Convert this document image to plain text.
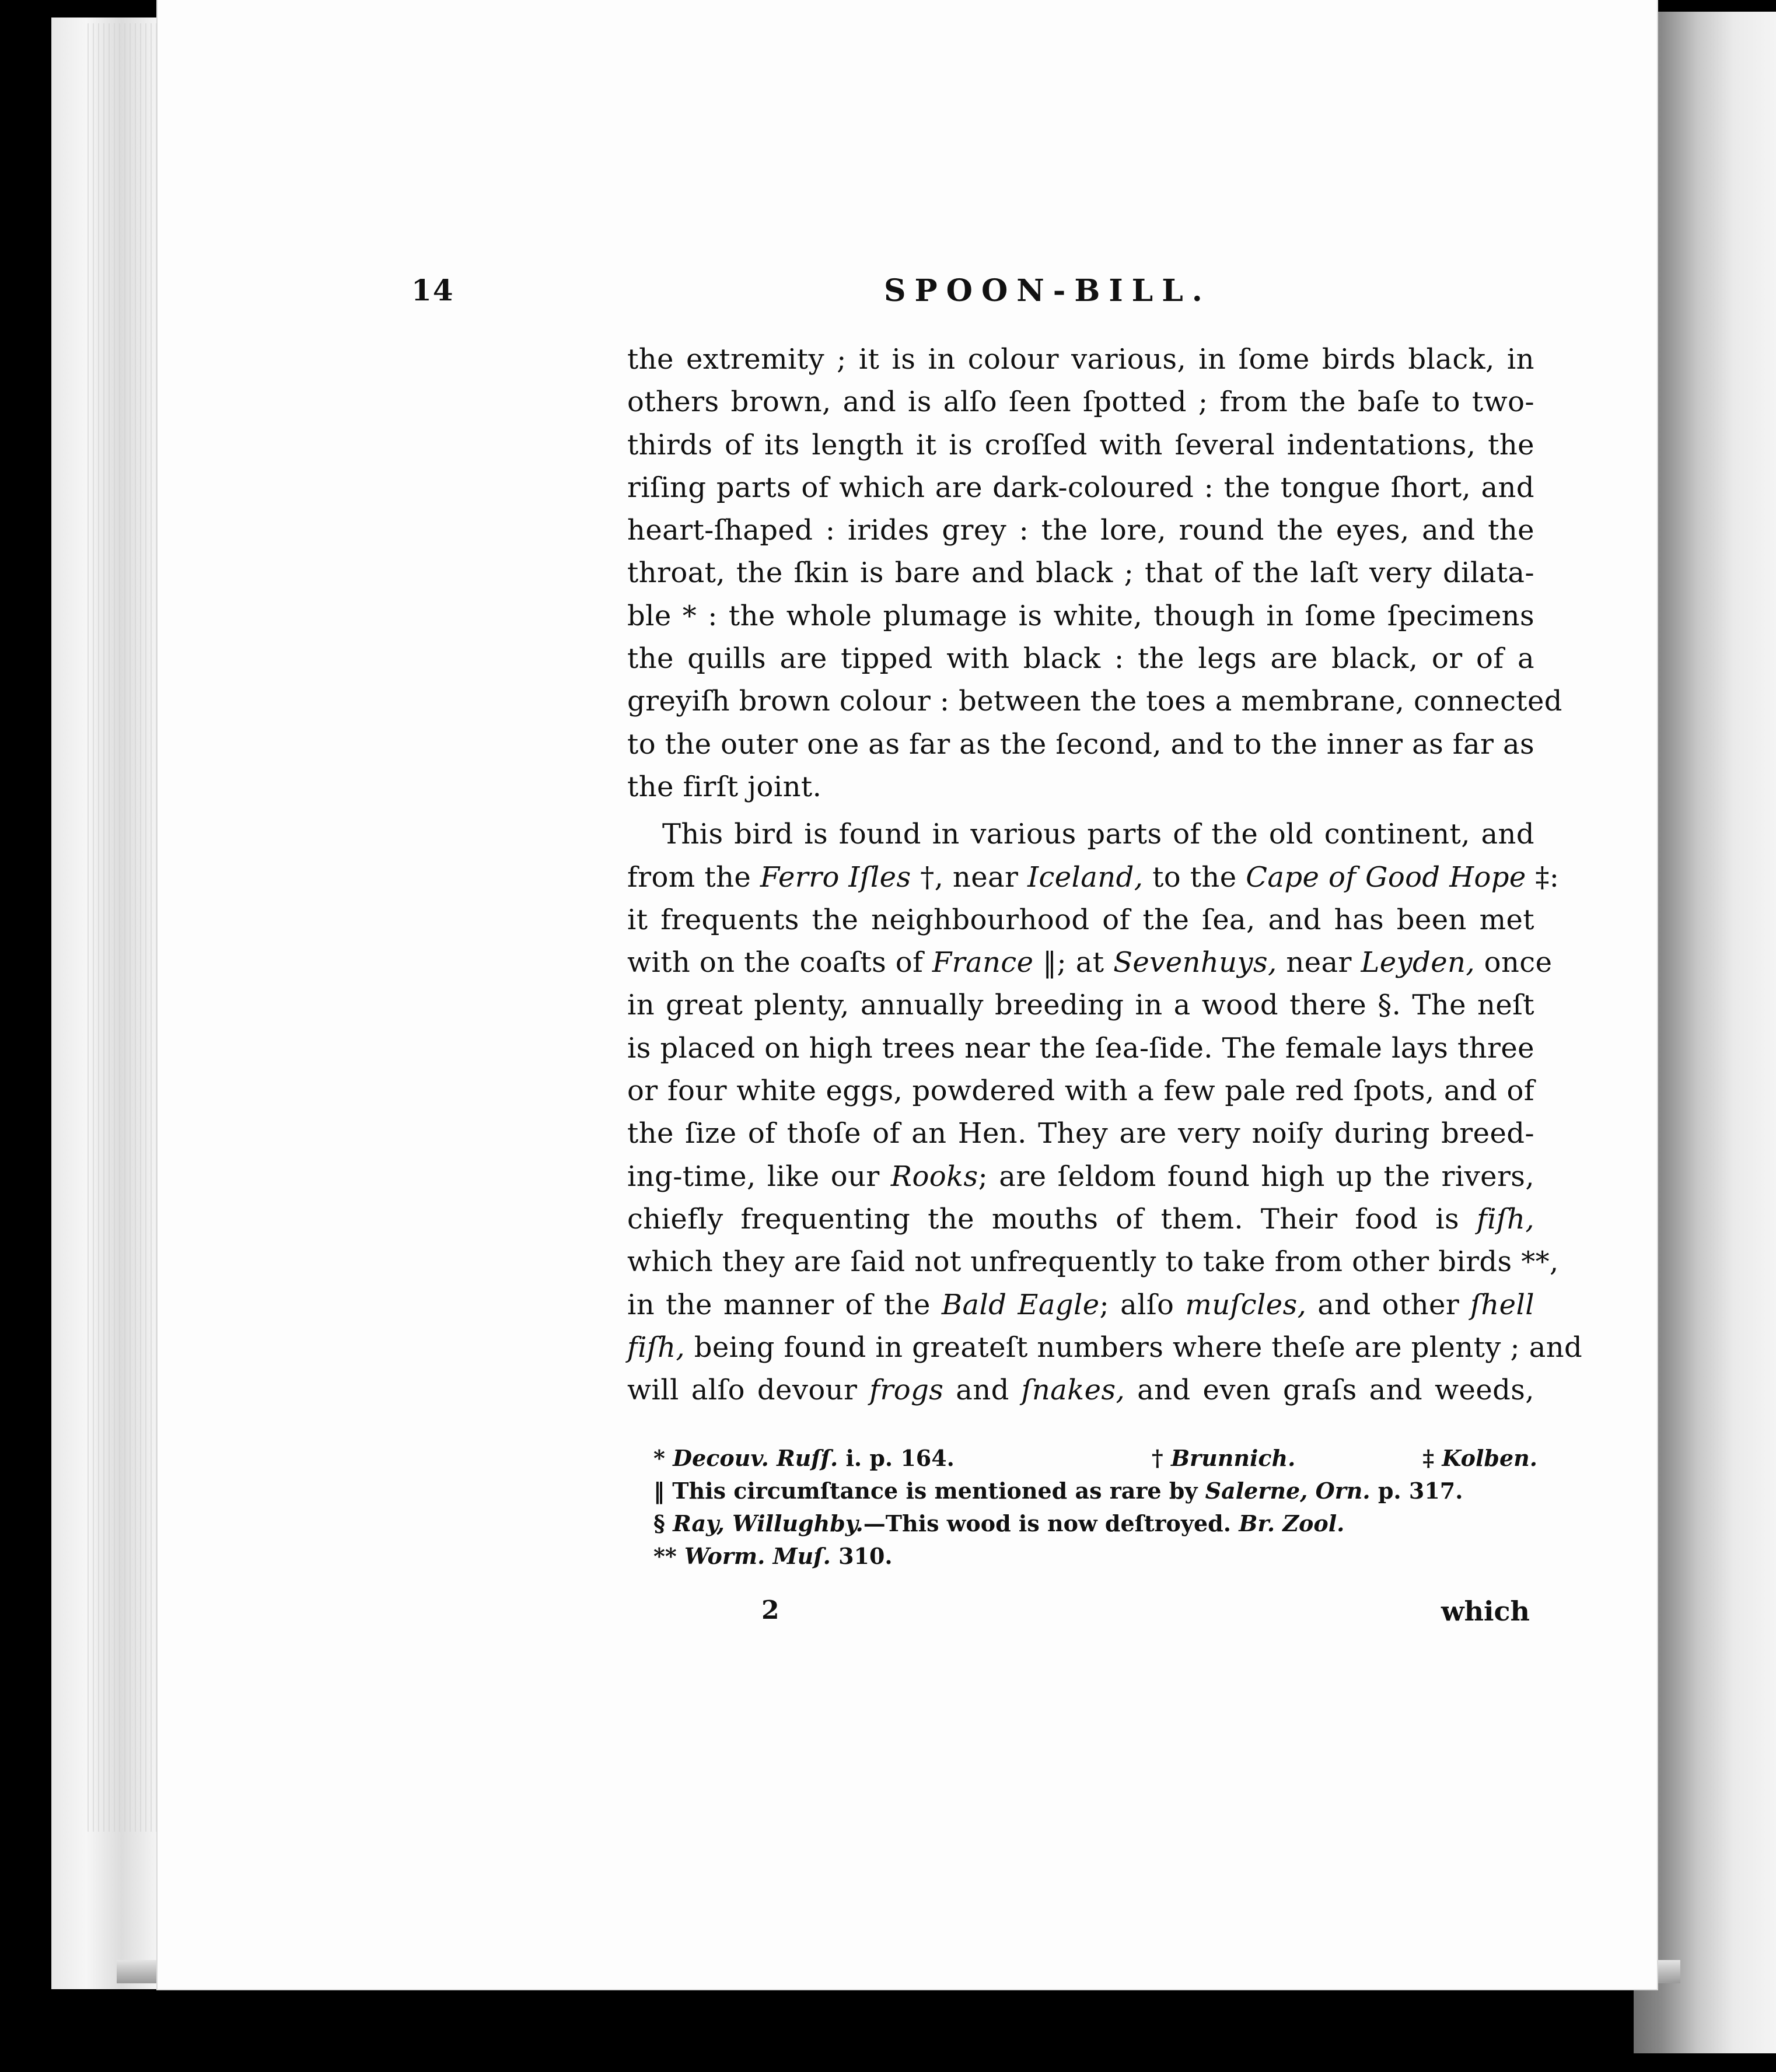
14	SPOON-BILL.
the extremity ; it is in colour various, in ſome birds black, in
others brown, and is alſo ſeen ſpotted ; from the baſe to two-
thirds of its length it is croſſed with ſeveral indentations, the
riſing parts of which are dark-coloured : the tongue ſhort, and
heart-ſhaped : irides grey : the lore, round the eyes, and the
throat, the ſkin is bare and black ; that of the laſt very dilata-
ble * : the whole plumage is white, though in ſome ſpecimens
the quills are tipped with black : the legs are black, or of a
greyiſh brown colour : between the toes a membrane, connected
to the outer one as far as the ſecond, and to the inner as far as
the firſt joint.
This bird is found in various parts of the old continent, and
from the Ferro Iſles †, near Iceland, to the Cape of Good Hope ‡:
it frequents the neighbourhood of the ſea, and has been met
with on the coaſts of France ‖; at Sevenhuys, near Leyden, once
in great plenty, annually breeding in a wood there §. The neſt
is placed on high trees near the ſea-ſide. The female lays three
or four white eggs, powdered with a few pale red ſpots, and of
the ſize of thoſe of an Hen. They are very noiſy during breed-
ing-time, like our Rooks; are ſeldom found high up the rivers,
chiefly frequenting the mouths of them. Their food is fiſh,
which they are ſaid not unfrequently to take from other birds **,
in the manner of the Bald Eagle; alſo muſcles, and other ſhell
fiſh, being found in greateſt numbers where theſe are plenty ; and
will alſo devour frogs and ſnakes, and even graſs and weeds,
* Decouv. Ruſſ. i. p. 164.	† Brunnich.	‡ Kolben.
‖ This circumſtance is mentioned as rare by Salerne, Orn. p. 317.
§ Ray, Willughby.—This wood is now deſtroyed. Br. Zool.
** Worm. Muſ. 310.
2	which
